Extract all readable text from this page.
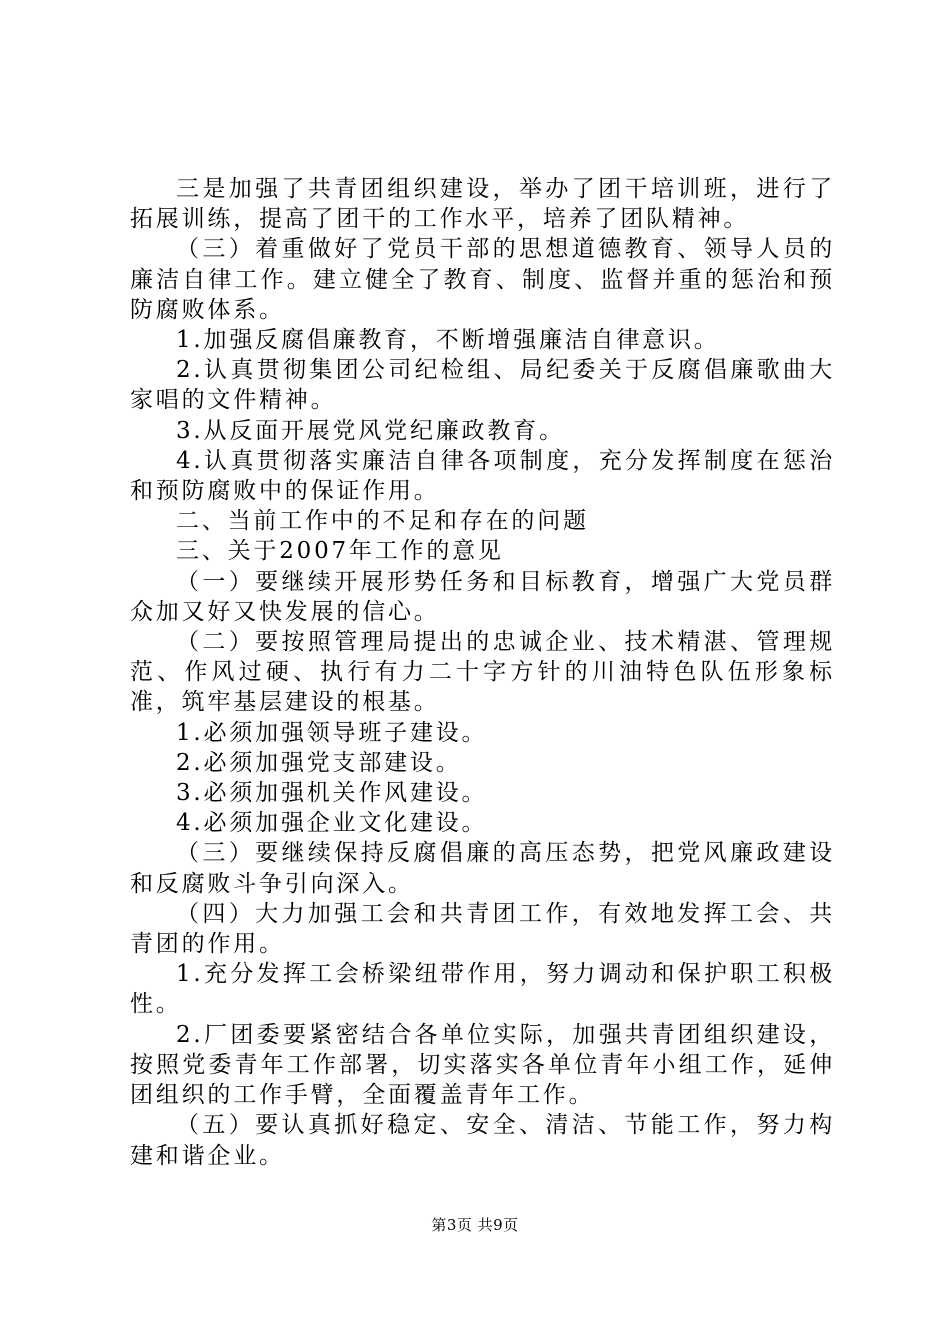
三是加强了共青团组织建设，举办了团干培训班，进行了拓展训练，提高了团干的工作水平，培养了团队精神。

（三）着重做好了党员干部的思想道德教育、领导人员的廉洁自律工作。建立健全了教育、制度、监督并重的惩治和预防腐败体系。

1.加强反腐倡廉教育，不断增强廉洁自律意识。

2.认真贯彻集团公司纪检组、局纪委关于反腐倡廉歌曲大家唱的文件精神。

3.从反面开展党风党纪廉政教育。

4.认真贯彻落实廉洁自律各项制度，充分发挥制度在惩治和预防腐败中的保证作用。

二、当前工作中的不足和存在的问题

三、关于2007年工作的意见

（一）要继续开展形势任务和目标教育，增强广大党员群众加又好又快发展的信心。

（二）要按照管理局提出的忠诚企业、技术精湛、管理规范、作风过硬、执行有力二十字方针的川油特色队伍形象标准，筑牢基层建设的根基。

1.必须加强领导班子建设。

2.必须加强党支部建设。

3.必须加强机关作风建设。

4.必须加强企业文化建设。

（三）要继续保持反腐倡廉的高压态势，把党风廉政建设和反腐败斗争引向深入。

（四）大力加强工会和共青团工作，有效地发挥工会、共青团的作用。

1.充分发挥工会桥梁纽带作用，努力调动和保护职工积极性。

2.厂团委要紧密结合各单位实际，加强共青团组织建设，按照党委青年工作部署，切实落实各单位青年小组工作，延伸团组织的工作手臂，全面覆盖青年工作。

（五）要认真抓好稳定、安全、清洁、节能工作，努力构建和谐企业。

第3页 共9页
